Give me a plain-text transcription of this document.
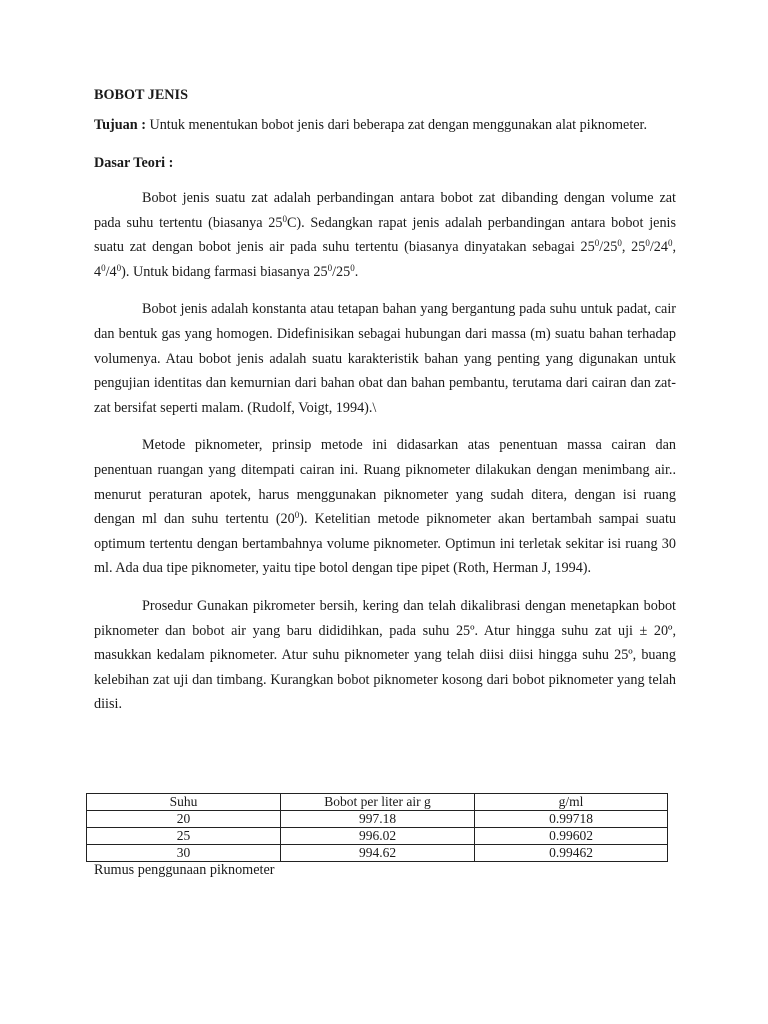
BOBOT JENIS
Tujuan : Untuk menentukan bobot jenis dari beberapa zat dengan menggunakan alat piknometer.
Dasar Teori :

Bobot jenis suatu zat adalah perbandingan antara bobot zat dibanding dengan volume zat pada suhu tertentu (biasanya $25^0C$). Sedangkan rapat jenis adalah perbandingan antara bobot jenis suatu zat dengan bobot jenis air pada suhu tertentu (biasanya dinyatakan sebagai $25^0/25^0$, $25^0/24^0$, $4^0/4^0$). Untuk bidang farmasi biasanya $25^0/25^0$.

Bobot jenis adalah konstanta atau tetapan bahan yang bergantung pada suhu untuk padat, cair dan bentuk gas yang homogen. Didefinisikan sebagai hubungan dari massa (m) suatu bahan terhadap volumenya. Atau bobot jenis adalah suatu karakteristik bahan yang penting yang digunakan untuk pengujian identitas dan kemurnian dari bahan obat dan bahan pembantu, terutama dari cairan dan zat-zat bersifat seperti malam. (Rudolf, Voigt, 1994).\

Metode piknometer, prinsip metode ini didasarkan atas penentuan massa cairan dan penentuan ruangan yang ditempati cairan ini. Ruang piknometer dilakukan dengan menimbang air.. menurut peraturan apotek, harus menggunakan piknometer yang sudah ditera, dengan isi ruang dengan ml dan suhu tertentu $(20^0)$. Ketelitian metode piknometer akan bertambah sampai suatu optimum tertentu dengan bertambahnya volume piknometer. Optimun ini terletak sekitar isi ruang 30 ml. Ada dua tipe piknometer, yaitu tipe botol dengan tipe pipet (Roth, Herman J, 1994).

Prosedur Gunakan pikrometer bersih, kering dan telah dikalibrasi dengan menetapkan bobot piknometer dan bobot air yang baru dididihkan, pada suhu 25º. Atur hingga suhu zat uji ± 20º, masukkan kedalam piknometer. Atur suhu piknometer yang telah diisi diisi hingga suhu 25º, buang kelebihan zat uji dan timbang. Kurangkan bobot piknometer kosong dari bobot piknometer yang telah diisi.

Suhu	Bobot per liter air g	g/ml
20	997.18	0.99718
25	996.02	0.99602
30	994.62	0.99462
Rumus penggunaan piknometer
